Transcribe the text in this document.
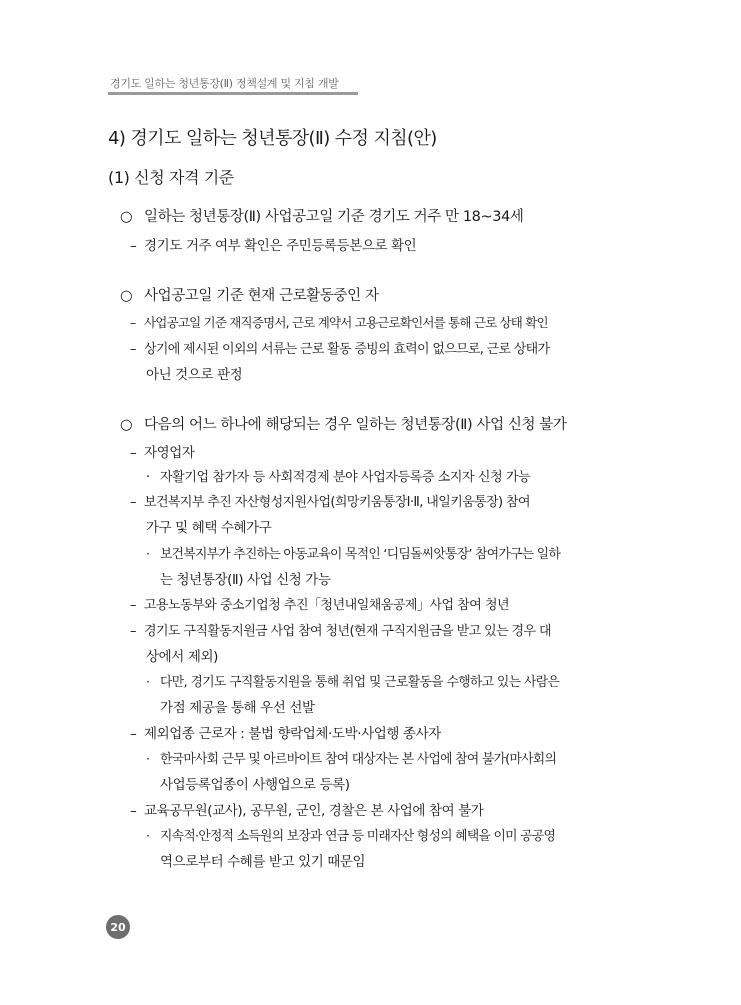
경기도 일하는 청년통장(Ⅱ) 정책설계 및 지침 개발
4) 경기도 일하는 청년통장(Ⅱ) 수정 지침(안)
(1) 신청 자격 기준
○ 일하는 청년통장(Ⅱ) 사업공고일 기준 경기도 거주 만 18~34세
– 경기도 거주 여부 확인은 주민등록등본으로 확인
○ 사업공고일 기준 현재 근로활동중인 자
– 사업공고일 기준 재직증명서, 근로 계약서 고용근로확인서를 통해 근로 상태 확인
– 상기에 제시된 이외의 서류는 근로 활동 증빙의 효력이 없으므로, 근로 상태가
아닌 것으로 판정
○ 다음의 어느 하나에 해당되는 경우 일하는 청년통장(Ⅱ) 사업 신청 불가
– 자영업자
· 자활기업 참가자 등 사회적경제 분야 사업자등록증 소지자 신청 가능
– 보건복지부 추진 자산형성지원사업(희망키움통장Ⅰ·Ⅱ, 내일키움통장) 참여
가구 및 혜택 수혜가구
· 보건복지부가 추진하는 아동교육이 목적인 ‘디딤돌씨앗통장’ 참여가구는 일하
는 청년통장(Ⅱ) 사업 신청 가능
– 고용노동부와 중소기업청 추진「청년내일채움공제」사업 참여 청년
– 경기도 구직활동지원금 사업 참여 청년(현재 구직지원금을 받고 있는 경우 대
상에서 제외)
· 다만, 경기도 구직활동지원을 통해 취업 및 근로활동을 수행하고 있는 사람은
가점 제공을 통해 우선 선발
– 제외업종 근로자 : 불법 향락업체·도박·사업행 종사자
· 한국마사회 근무 및 아르바이트 참여 대상자는 본 사업에 참여 불가(마사회의
사업등록업종이 사행업으로 등록)
– 교육공무원(교사), 공무원, 군인, 경찰은 본 사업에 참여 불가
· 지속적·안정적 소득원의 보장과 연금 등 미래자산 형성의 혜택을 이미 공공영
역으로부터 수혜를 받고 있기 때문임
20
